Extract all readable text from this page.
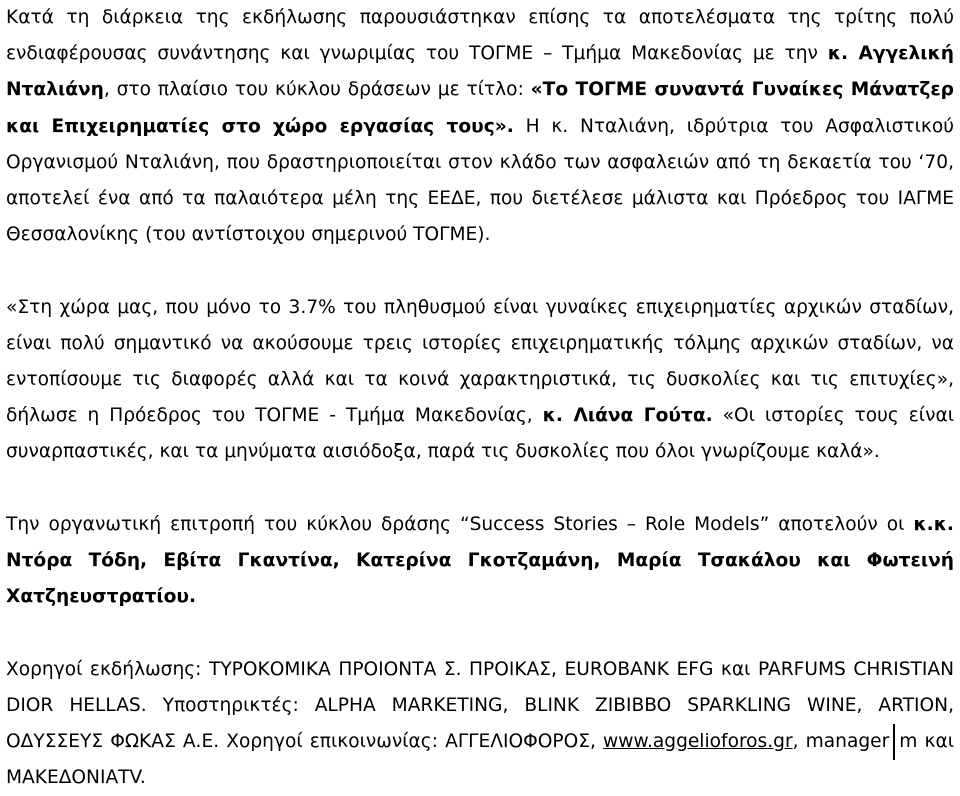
Κατά τη διάρκεια της εκδήλωσης παρουσιάστηκαν επίσης τα αποτελέσματα της τρίτης πολύ ενδιαφέρουσας συνάντησης και γνωριμίας του ΤΟΓΜΕ – Τμήμα Μακεδονίας με την κ. Αγγελική Νταλιάνη, στο πλαίσιο του κύκλου δράσεων με τίτλο: «Το ΤΟΓΜΕ συναντά Γυναίκες Μάνατζερ και Επιχειρηματίες στο χώρο εργασίας τους». Η κ. Νταλιάνη, ιδρύτρια του Ασφαλιστικού Οργανισμού Νταλιάνη, που δραστηριοποιείται στον κλάδο των ασφαλειών από τη δεκαετία του ‘70, αποτελεί ένα από τα παλαιότερα μέλη της ΕΕΔΕ, που διετέλεσε μάλιστα και Πρόεδρος του ΙΑΓΜΕ Θεσσαλονίκης (του αντίστοιχου σημερινού ΤΟΓΜΕ).

«Στη χώρα μας, που μόνο το 3.7% του πληθυσμού είναι γυναίκες επιχειρηματίες αρχικών σταδίων, είναι πολύ σημαντικό να ακούσουμε τρεις ιστορίες επιχειρηματικής τόλμης αρχικών σταδίων, να εντοπίσουμε τις διαφορές αλλά και τα κοινά χαρακτηριστικά, τις δυσκολίες και τις επιτυχίες», δήλωσε η Πρόεδρος του ΤΟΓΜΕ - Τμήμα Μακεδονίας, κ. Λιάνα Γούτα. «Οι ιστορίες τους είναι συναρπαστικές, και τα μηνύματα αισιόδοξα, παρά τις δυσκολίες που όλοι γνωρίζουμε καλά».

Την οργανωτική επιτροπή του κύκλου δράσης “Success Stories – Role Models” αποτελούν οι κ.κ. Ντόρα Τόδη, Εβίτα Γκαντίνα, Κατερίνα Γκοτζαμάνη, Μαρία Τσακάλου και Φωτεινή Χατζηευστρατίου.

Χορηγοί εκδήλωσης: ΤΥΡΟΚΟΜΙΚΑ ΠΡΟΙΟΝΤΑ Σ. ΠΡΟΙΚΑΣ, EUROBANK EFG και PARFUMS CHRISTIAN DIOR HELLAS. Υποστηρικτές: ALPHA MARKETING, BLINK ZIBIBBO SPARKLING WINE, ARTION, ΟΔΥΣΣΕΥΣ ΦΩΚΑΣ Α.Ε. Χορηγοί επικοινωνίας: ΑΓΓΕΛΙΟΦΟΡΟΣ, www.aggelioforos.gr, manager m και ΜΑΚΕΔΟΝΙΑTV.
